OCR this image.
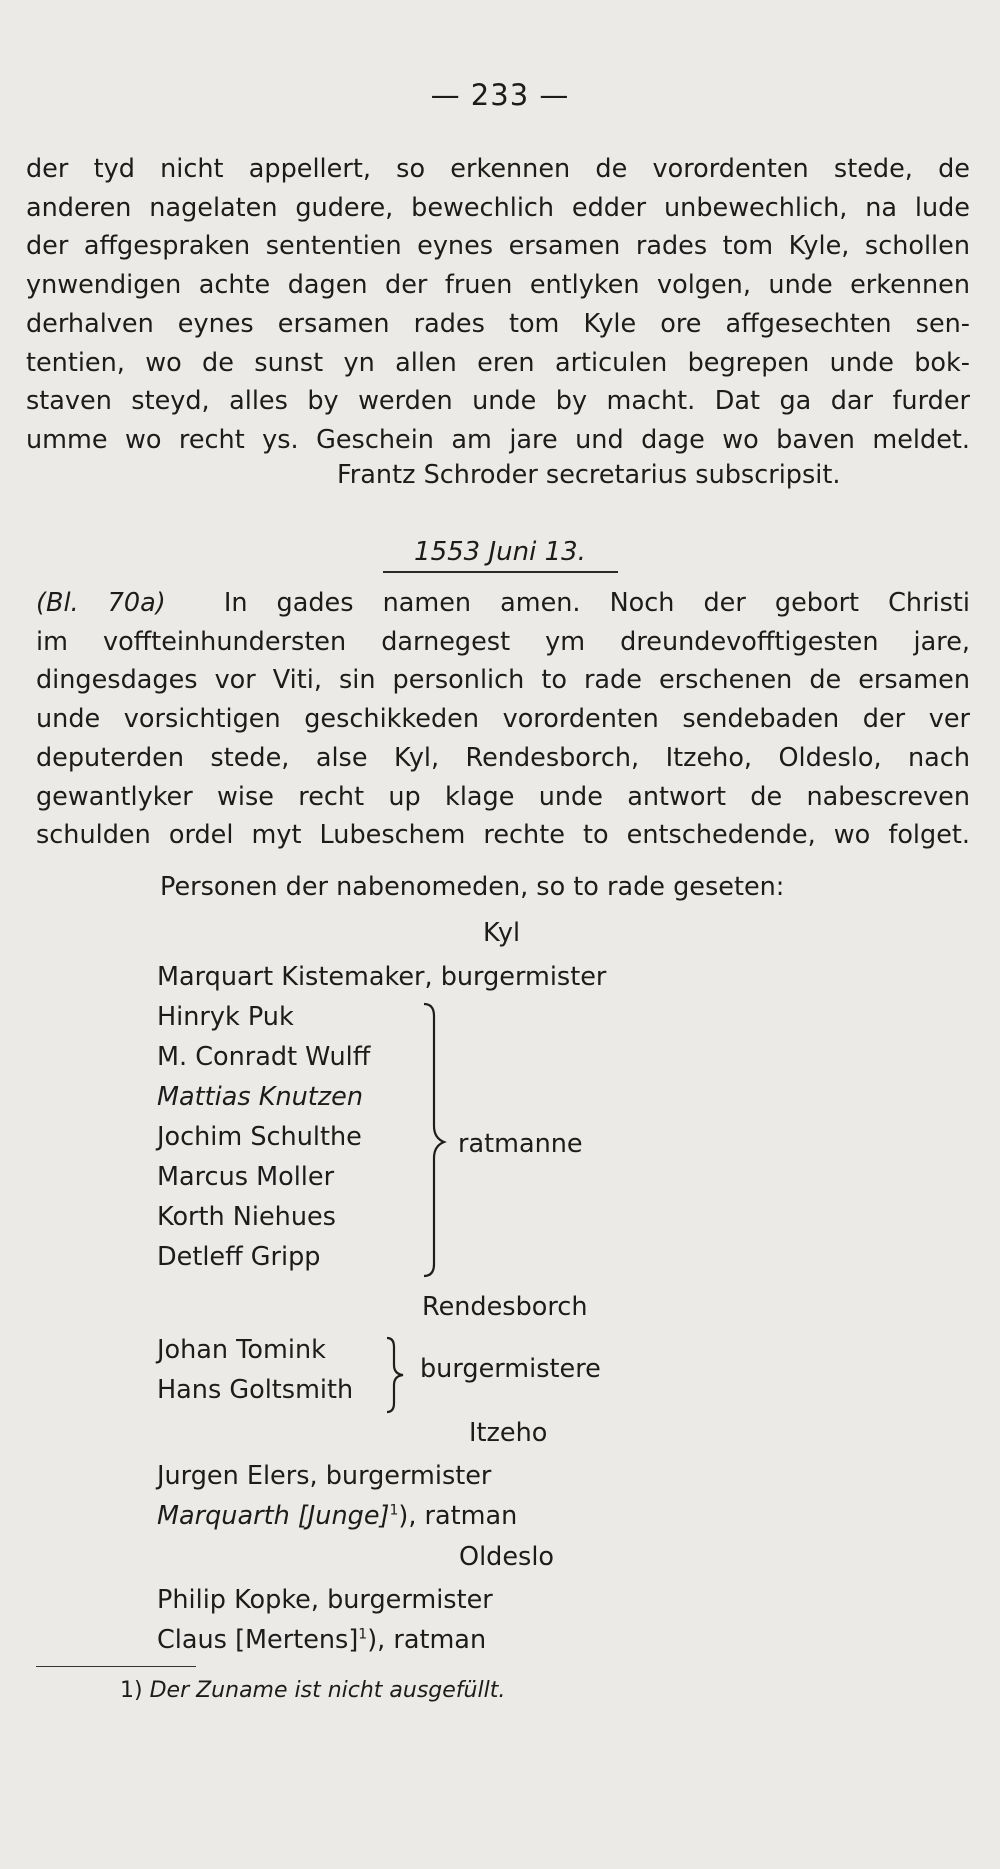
— 233 —
der tyd nicht appellert, so erkennen de vorordenten stede, de
anderen nagelaten gudere, bewechlich edder unbewechlich, na lude
der affgespraken sententien eynes ersamen rades tom Kyle, schollen
ynwendigen achte dagen der fruen entlyken volgen, unde erkennen
derhalven eynes ersamen rades tom Kyle ore affgesechten sen-
tentien, wo de sunst yn allen eren articulen begrepen unde bok-
staven steyd, alles by werden unde by macht. Dat ga dar furder
umme wo recht ys. Geschein am jare und dage wo baven meldet.
Frantz Schroder secretarius subscripsit.
1553 Juni 13.
(Bl. 70a) In gades namen amen. Noch der gebort Christi
im voffteinhundersten darnegest ym dreundevofftigesten jare,
dingesdages vor Viti, sin personlich to rade erschenen de ersamen
unde vorsichtigen geschikkeden vorordenten sendebaden der ver
deputerden stede, alse Kyl, Rendesborch, Itzeho, Oldeslo, nach
gewantlyker wise recht up klage unde antwort de nabescreven
schulden ordel myt Lubeschem rechte to entschedende, wo folget.
Personen der nabenomeden, so to rade geseten:
Kyl
Marquart Kistemaker, burgermister
Hinryk Puk
M. Conradt Wulff
Mattias Knutzen
Jochim Schulthe
Marcus Moller
Korth Niehues
Detleff Gripp
ratmanne
Rendesborch
Johan Tomink
Hans Goltsmith
burgermistere
Itzeho
Jurgen Elers, burgermister
Marquarth [Junge]$^1$), ratman
Oldeslo
Philip Kopke, burgermister
Claus [Mertens]$^1$), ratman
1) Der Zuname ist nicht ausgefüllt.
